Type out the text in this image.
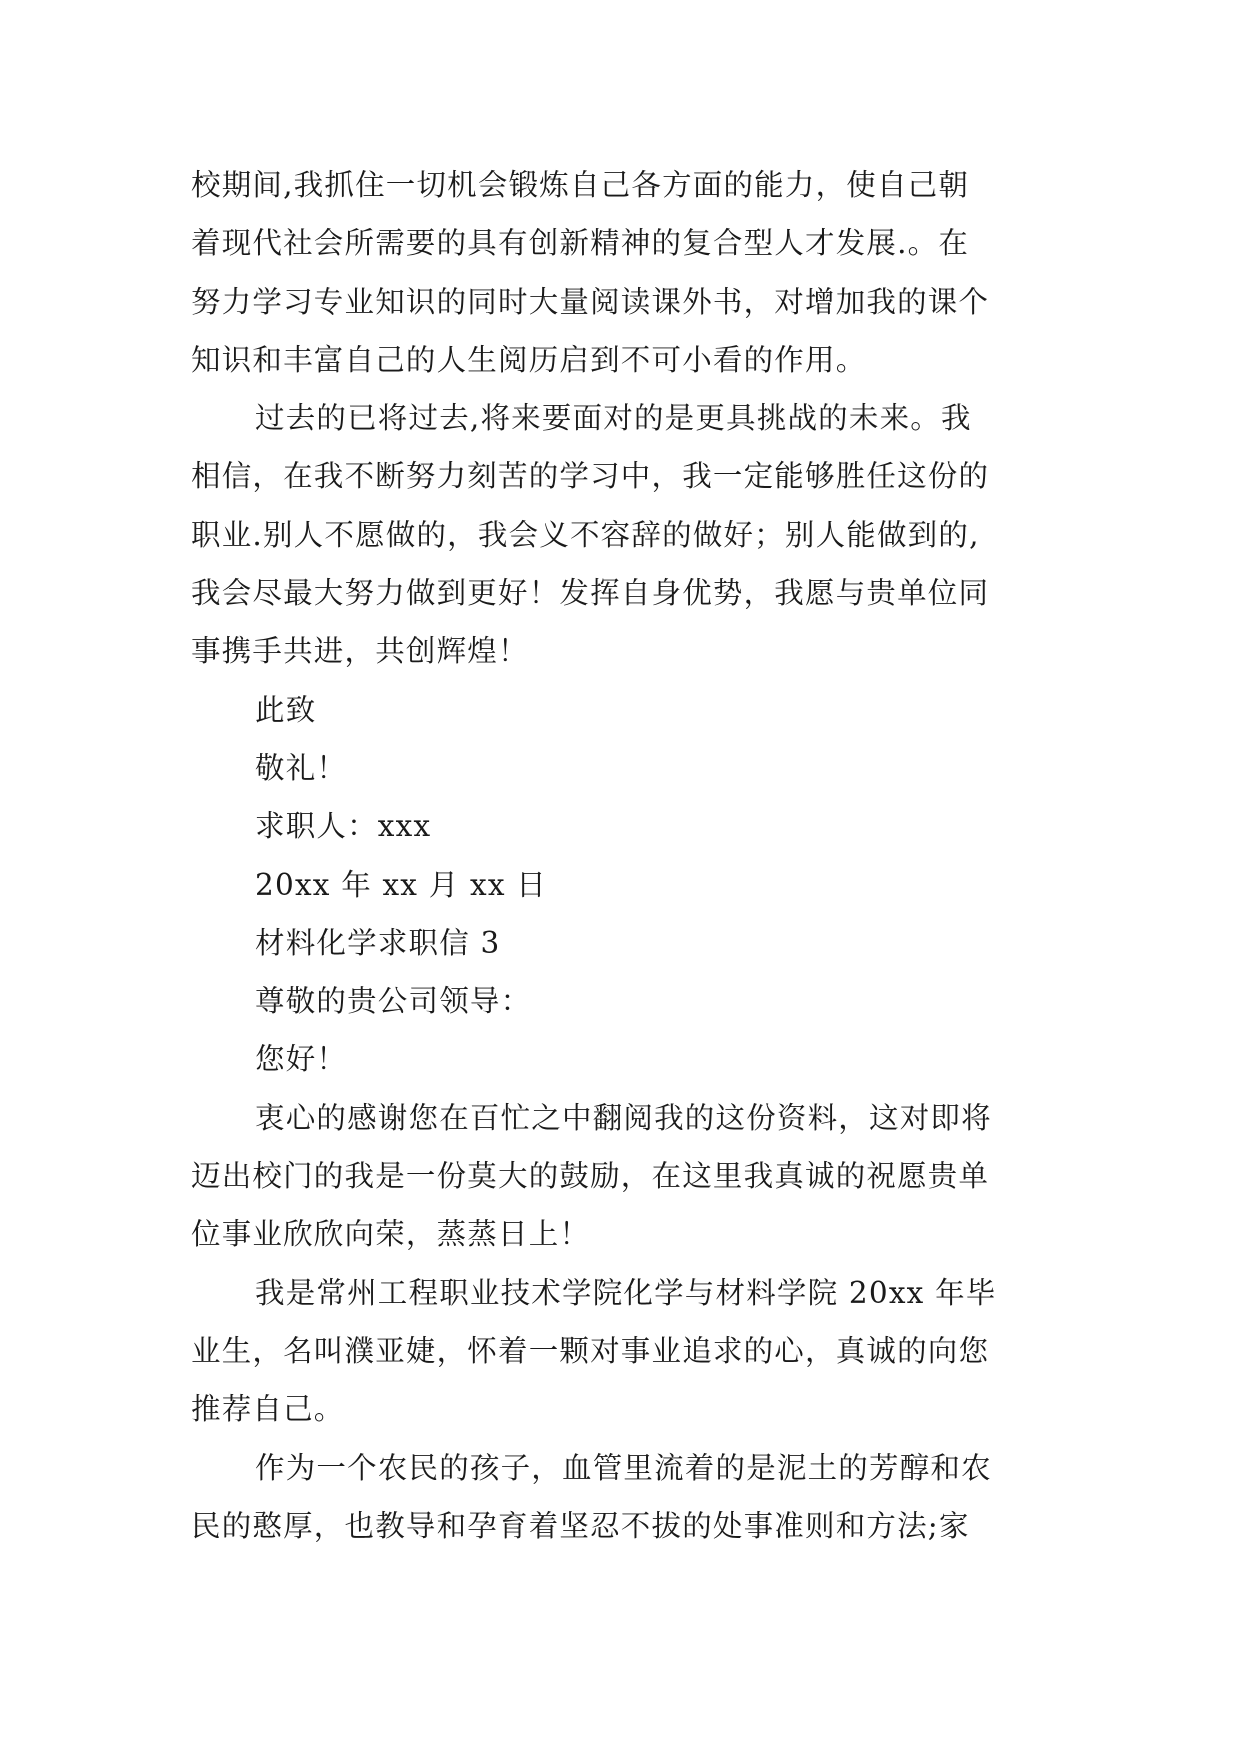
校期间,我抓住一切机会锻炼自己各方面的能力，使自己朝
着现代社会所需要的具有创新精神的复合型人才发展.。在
努力学习专业知识的同时大量阅读课外书，对增加我的课个
知识和丰富自己的人生阅历启到不可小看的作用。
过去的已将过去,将来要面对的是更具挑战的未来。我
相信，在我不断努力刻苦的学习中，我一定能够胜任这份的
职业.别人不愿做的，我会义不容辞的做好；别人能做到的,
我会尽最大努力做到更好！发挥自身优势，我愿与贵单位同
事携手共进，共创辉煌！
此致
敬礼！
求职人：xxx
20xx 年 xx 月 xx 日
材料化学求职信 3
尊敬的贵公司领导：
您好！
衷心的感谢您在百忙之中翻阅我的这份资料，这对即将
迈出校门的我是一份莫大的鼓励，在这里我真诚的祝愿贵单
位事业欣欣向荣，蒸蒸日上！
我是常州工程职业技术学院化学与材料学院 20xx 年毕
业生，名叫濮亚婕，怀着一颗对事业追求的心，真诚的向您
推荐自己。
作为一个农民的孩子，血管里流着的是泥土的芳醇和农
民的憨厚，也教导和孕育着坚忍不拔的处事准则和方法;家
